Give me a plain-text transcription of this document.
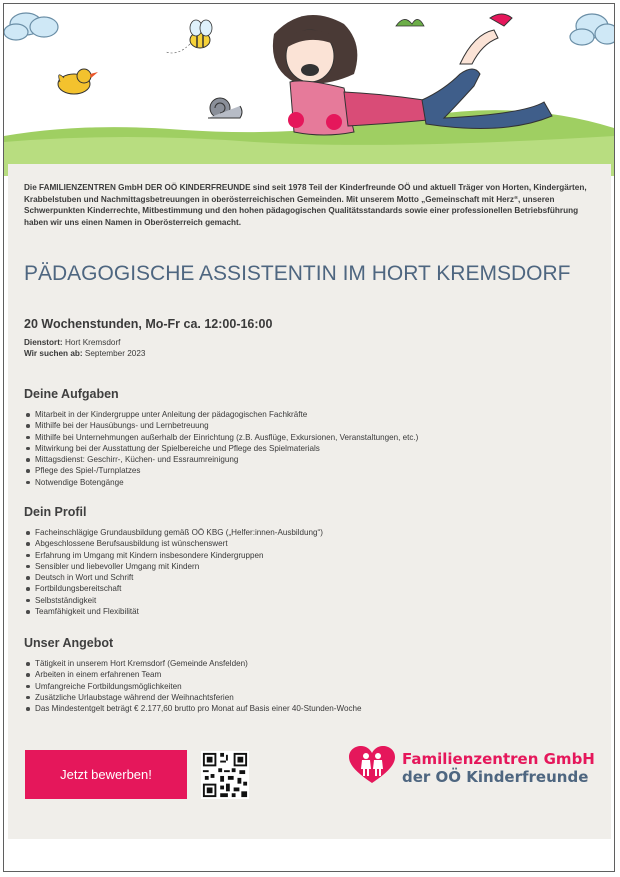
Die FAMILIENZENTREN GmbH DER OÖ KINDERFREUNDE sind seit 1978 Teil der Kinderfreunde OÖ und aktuell Träger von Horten, Kindergärten, Krabbelstuben und Nachmittagsbetreuungen in oberösterreichischen Gemeinden. Mit unserem Motto „Gemeinschaft mit Herz“, unseren Schwerpunkten Kinderrechte, Mitbestimmung und den hohen pädagogischen Qualitätsstandards sowie einer professionellen Betriebsführung haben wir uns einen Namen in Oberösterreich gemacht.

PÄDAGOGISCHE ASSISTENTIN IM HORT KREMSDORF

20 Wochenstunden, Mo-Fr ca. 12:00-16:00

Dienstort: Hort Kremsdorf
Wir suchen ab: September 2023
Deine Aufgaben
Mitarbeit in der Kindergruppe unter Anleitung der pädagogischen Fachkräfte
Mithilfe bei der Hausübungs- und Lernbetreuung
Mithilfe bei Unternehmungen außerhalb der Einrichtung (z.B. Ausflüge, Exkursionen, Veranstaltungen, etc.)
Mitwirkung bei der Ausstattung der Spielbereiche und Pflege des Spielmaterials
Mittagsdienst: Geschirr-, Küchen- und Essraumreinigung
Pflege des Spiel-/Turnplatzes
Notwendige Botengänge
Dein Profil
Facheinschlägige Grundausbildung gemäß OÖ KBG („Helfer:innen-Ausbildung“)
Abgeschlossene Berufsausbildung ist wünschenswert
Erfahrung im Umgang mit Kindern insbesondere Kindergruppen
Sensibler und liebevoller Umgang mit Kindern
Deutsch in Wort und Schrift
Fortbildungsbereitschaft
Selbstständigkeit
Teamfähigkeit und Flexibilität
Unser Angebot
Tätigkeit in unserem Hort Kremsdorf (Gemeinde Ansfelden)
Arbeiten in einem erfahrenen Team
Umfangreiche Fortbildungsmöglichkeiten
Zusätzliche Urlaubstage während der Weihnachtsferien
Das Mindestentgelt beträgt € 2.177,60 brutto pro Monat auf Basis einer 40-Stunden-Woche
Jetzt bewerben!
Familienzentren GmbH
der OÖ Kinderfreunde
